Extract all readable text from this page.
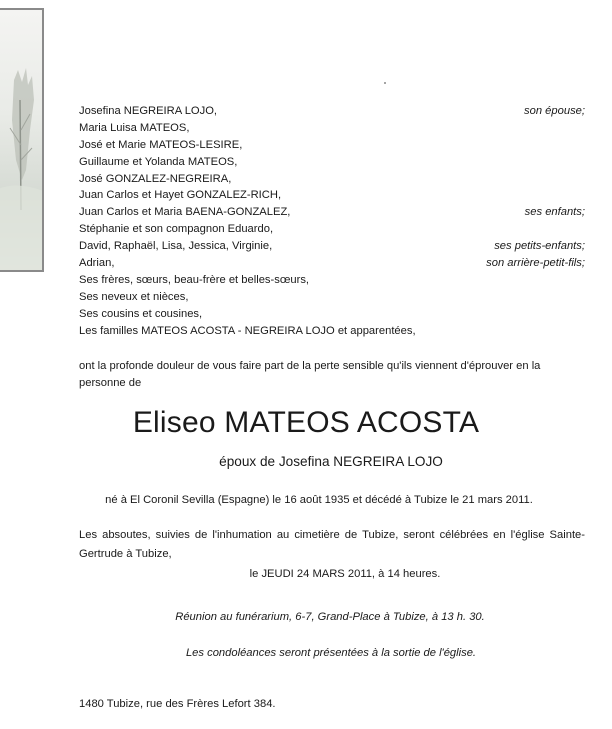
Josefina NEGREIRA LOJO,	son épouse;
Maria Luisa MATEOS,
José et Marie MATEOS-LESIRE,
Guillaume et Yolanda MATEOS,
José GONZALEZ-NEGREIRA,
Juan Carlos et Hayet GONZALEZ-RICH,
Juan Carlos et Maria BAENA-GONZALEZ,	ses enfants;
Stéphanie et son compagnon Eduardo,
David, Raphaël, Lisa, Jessica, Virginie,	ses petits-enfants;
Adrian,	son arrière-petit-fils;
Ses frères, sœurs, beau-frère et belles-sœurs,
Ses neveux et nièces,
Ses cousins et cousines,
Les familles MATEOS ACOSTA - NEGREIRA LOJO et apparentées,

ont la profonde douleur de vous faire part de la perte sensible qu'ils viennent d'éprouver en la personne de

Eliseo MATEOS ACOSTA
époux de Josefina NEGREIRA LOJO
né à El Coronil Sevilla (Espagne) le 16 août 1935 et décédé à Tubize le 21 mars 2011.

Les absoutes, suivies de l'inhumation au cimetière de Tubize, seront célébrées en l'église Sainte-Gertrude à Tubize,

le JEUDI 24 MARS 2011, à 14 heures.
Réunion au funérarium, 6-7, Grand-Place à Tubize, à 13 h. 30.
Les condoléances seront présentées à la sortie de l'église.
1480 Tubize, rue des Frères Lefort 384.
